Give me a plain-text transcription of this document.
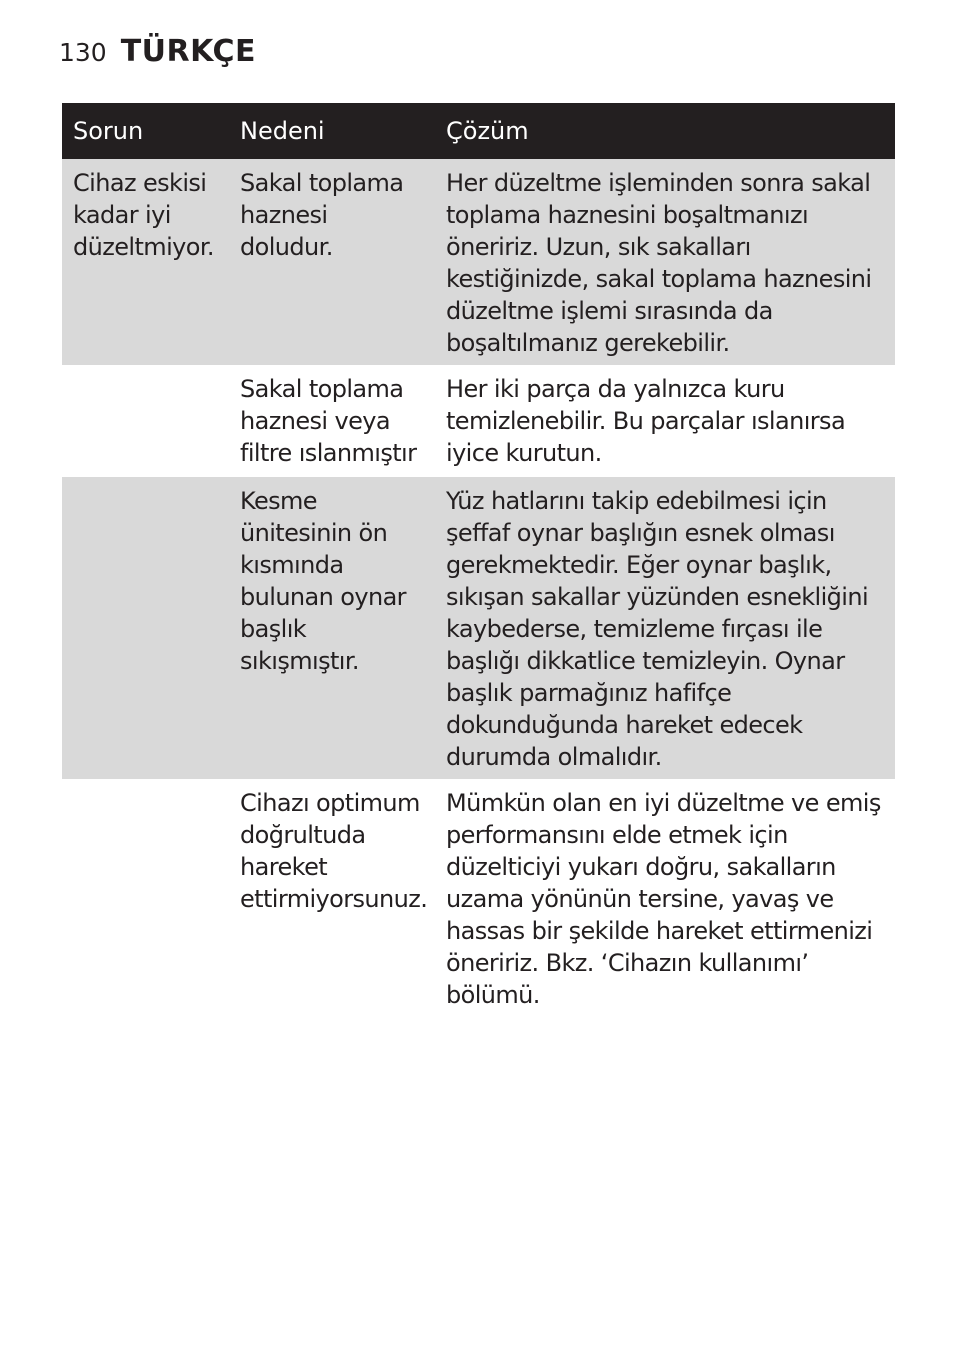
130 TÜRKÇE
Sorun	Nedeni	Çözüm
Cihaz eskisi kadar iyi düzeltmiyor.	Sakal toplama haznesi doludur.	Her düzeltme işleminden sonra sakal toplama haznesini boşaltmanızı öneririz. Uzun, sık sakalları kestiğinizde, sakal toplama haznesini düzeltme işlemi sırasında da boşaltılmanız gerekebilir.
	Sakal toplama haznesi veya filtre ıslanmıştır	Her iki parça da yalnızca kuru temizlenebilir. Bu parçalar ıslanırsa iyice kurutun.
	Kesme ünitesinin ön kısmında bulunan oynar başlık sıkışmıştır.	Yüz hatlarını takip edebilmesi için şeffaf oynar başlığın esnek olması gerekmektedir. Eğer oynar başlık, sıkışan sakallar yüzünden esnekliğini kaybederse, temizleme fırçası ile başlığı dikkatlice temizleyin. Oynar başlık parmağınız hafifçe dokunduğunda hareket edecek durumda olmalıdır.
	Cihazı optimum doğrultuda hareket ettirmiyorsunuz.	Mümkün olan en iyi düzeltme ve emiş performansını elde etmek için düzelticiyi yukarı doğru, sakalların uzama yönünün tersine, yavaş ve hassas bir şekilde hareket ettirmenizi öneririz. Bkz. ‘Cihazın kullanımı’ bölümü.
